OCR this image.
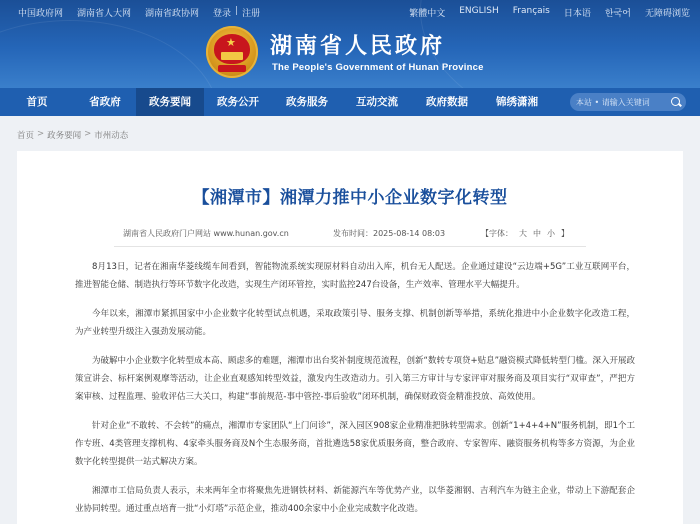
中国政府网 湖南省人大网 湖南省政协网 登录 | 注册	繁體中文 ENGLISH Français 日本语 한국어 无障碍浏览
★ 湖南省人民政府
The People's Government of Hunan Province
首页	省政府	政务要闻	政务公开	政务服务	互动交流	政府数据	锦绣潇湘
本站 • 请输入关键词
首页 > 政务要闻 > 市州动态
【湘潭市】湘潭力推中小企业数字化转型
湖南省人民政府门户网站 www.hunan.gov.cn	发布时间：2025-08-14 08:03	【字体： 大 中 小 】

8月13日，记者在湘南华菱线缆车间看到，智能物流系统实现原材料自动出入库，机台无人配送。企业通过建设“云边端+5G”工业互联网平台，推进智能仓储、制造执行等环节数字化改造，实现生产闭环管控，实时监控247台设备，生产效率、管理水平大幅提升。

今年以来，湘潭市紧抓国家中小企业数字化转型试点机遇，采取政策引导、服务支撑、机制创新等举措，系统化推进中小企业数字化改造工程，为产业转型升级注入强劲发展动能。

为破解中小企业数字化转型成本高、顾虑多的难题，湘潭市出台奖补制度规范流程，创新“数转专项贷+贴息”融资模式降低转型门槛。深入开展政策宣讲会、标杆案例观摩等活动，让企业直观感知转型效益，激发内生改造动力。引入第三方审计与专家评审对服务商及项目实行“双审查”，严把方案审核、过程监理、验收评估三大关口，构建“事前规范-事中管控-事后验收”闭环机制，确保财政资金精准投放、高效使用。

针对企业“不敢转、不会转”的痛点，湘潭市专家团队“上门问诊”，深入园区908家企业精准把脉转型需求。创新“1+4+4+N”服务机制，即1个工作专班、4类管理支撑机构、4家牵头服务商及N个生态服务商，首批遴选58家优质服务商，整合政府、专家智库、融资服务机构等多方资源，为企业数字化转型提供一站式解决方案。

湘潭市工信局负责人表示，未来两年全市将聚焦先进钢铁材料、新能源汽车等优势产业，以华菱湘钢、吉利汽车为链主企业，带动上下游配套企业协同转型。通过重点培育一批“小灯塔”示范企业，推动400余家中小企业完成数字化改造。
